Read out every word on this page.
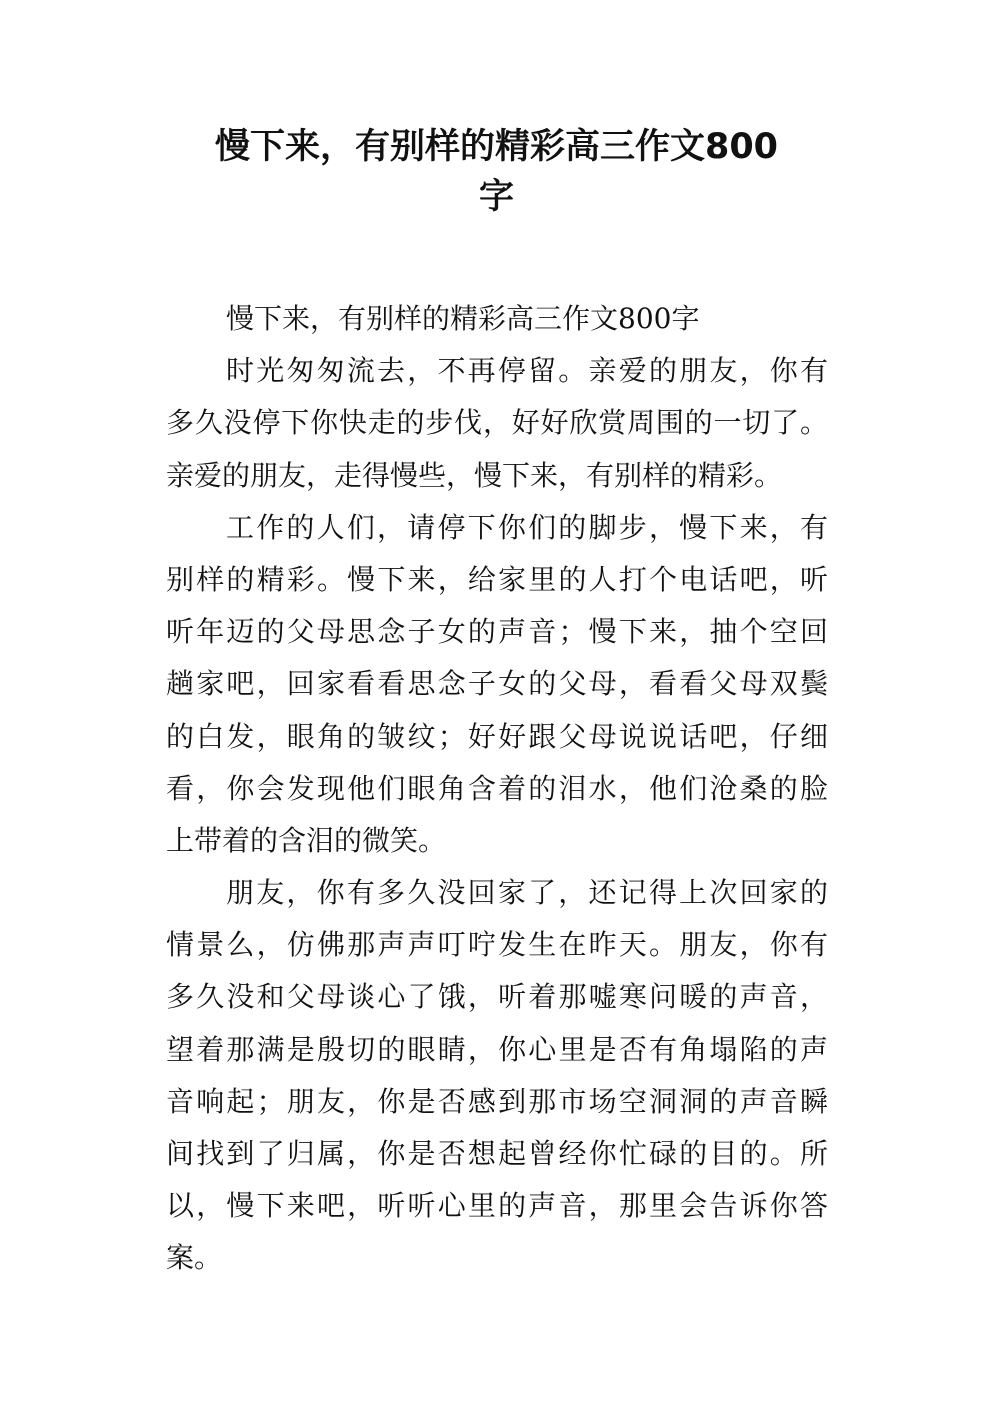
慢下来，有别样的精彩高三作文800
字
慢下来，有别样的精彩高三作文800字
时光匆匆流去，不再停留。亲爱的朋友，你有
多久没停下你快走的步伐，好好欣赏周围的一切了。
亲爱的朋友，走得慢些，慢下来，有别样的精彩。
工作的人们，请停下你们的脚步，慢下来，有
别样的精彩。慢下来，给家里的人打个电话吧，听
听年迈的父母思念子女的声音；慢下来，抽个空回
趟家吧，回家看看思念子女的父母，看看父母双鬓
的白发，眼角的皱纹；好好跟父母说说话吧，仔细
看，你会发现他们眼角含着的泪水，他们沧桑的脸
上带着的含泪的微笑。
朋友，你有多久没回家了，还记得上次回家的
情景么，仿佛那声声叮咛发生在昨天。朋友，你有
多久没和父母谈心了饿，听着那嘘寒问暖的声音，
望着那满是殷切的眼睛，你心里是否有角塌陷的声
音响起；朋友，你是否感到那市场空洞洞的声音瞬
间找到了归属，你是否想起曾经你忙碌的目的。所
以，慢下来吧，听听心里的声音，那里会告诉你答
案。
